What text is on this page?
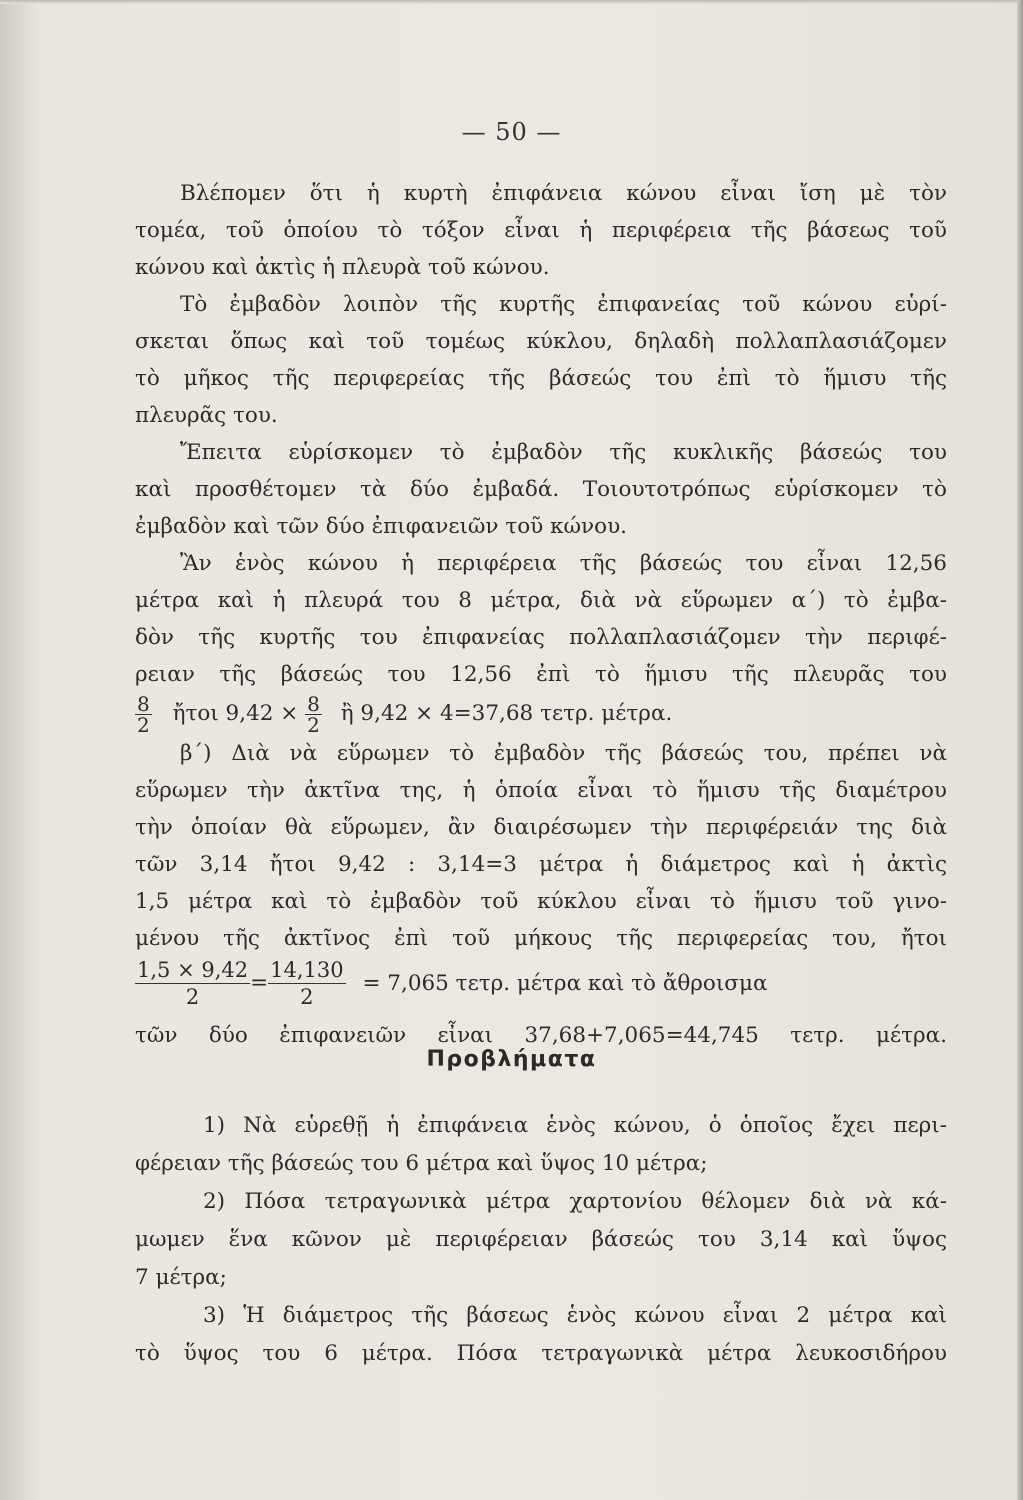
— 50 —

Βλέπομεν ὅτι ἡ κυρτὴ ἐπιφάνεια κώνου εἶναι ἴση μὲ τὸν
τομέα, τοῦ ὁποίου τὸ τόξον εἶναι ἡ περιφέρεια τῆς βάσεως τοῦ
κώνου καὶ ἀκτὶς ἡ πλευρὰ τοῦ κώνου.

Τὸ ἐμβαδὸν λοιπὸν τῆς κυρτῆς ἐπιφανείας τοῦ κώνου εὑρί-
σκεται ὅπως καὶ τοῦ τομέως κύκλου, δηλαδὴ πολλαπλασιάζομεν
τὸ μῆκος τῆς περιφερείας τῆς βάσεώς του ἐπὶ τὸ ἥμισυ τῆς
πλευρᾶς του.

Ἔπειτα εὑρίσκομεν τὸ ἐμβαδὸν τῆς κυκλικῆς βάσεώς του
καὶ προσθέτομεν τὰ δύο ἐμβαδά. Τοιουτοτρόπως εὑρίσκομεν τὸ
ἐμβαδὸν καὶ τῶν δύο ἐπιφανειῶν τοῦ κώνου.

Ἂν ἑνὸς κώνου ἡ περιφέρεια τῆς βάσεώς του εἶναι 12,56
μέτρα καὶ ἡ πλευρά του 8 μέτρα, διὰ νὰ εὕρωμεν α΄) τὸ ἐμβα-
δὸν τῆς κυρτῆς του ἐπιφανείας πολλαπλασιάζομεν τὴν περιφέ-
ρειαν τῆς βάσεώς του 12,56 ἐπὶ τὸ ἥμισυ τῆς πλευρᾶς του

$\frac{8}{2}$ ἤτοι $9,42 \times \frac{8}{2}$ ἢ 9,42 × 4=37,68 τετρ. μέτρα.

β΄) Διὰ νὰ εὕρωμεν τὸ ἐμβαδὸν τῆς βάσεώς του, πρέπει νὰ
εὕρωμεν τὴν ἀκτῖνα της, ἡ ὁποία εἶναι τὸ ἥμισυ τῆς διαμέτρου
τὴν ὁποίαν θὰ εὕρωμεν, ἂν διαιρέσωμεν τὴν περιφέρειάν της διὰ
τῶν 3,14 ἤτοι 9,42 : 3,14=3 μέτρα ἡ διάμετρος καὶ ἡ ἀκτὶς
1,5 μέτρα καὶ τὸ ἐμβαδὸν τοῦ κύκλου εἶναι τὸ ἥμισυ τοῦ γινο-
μένου τῆς ἀκτῖνος ἐπὶ τοῦ μήκους τῆς περιφερείας του, ἤτοι

$\frac{1,5 \times 9,42}{2} = \frac{14,130}{2} = 7,065$ τετρ. μέτρα καὶ τὸ ἄθροισμα

τῶν δύο ἐπιφανειῶν εἶναι 37,68+7,065=44,745 τετρ. μέτρα.

Προβλήματα
1) Νὰ εὑρεθῇ ἡ ἐπιφάνεια ἑνὸς κώνου, ὁ ὁποῖος ἔχει περι-
φέρειαν τῆς βάσεώς του 6 μέτρα καὶ ὕψος 10 μέτρα;
2) Πόσα τετραγωνικὰ μέτρα χαρτονίου θέλομεν διὰ νὰ κά-
μωμεν ἕνα κῶνον μὲ περιφέρειαν βάσεώς του 3,14 καὶ ὕψος
7 μέτρα;
3) Ἡ διάμετρος τῆς βάσεως ἑνὸς κώνου εἶναι 2 μέτρα καὶ
τὸ ὕψος του 6 μέτρα. Πόσα τετραγωνικὰ μέτρα λευκοσιδήρου
